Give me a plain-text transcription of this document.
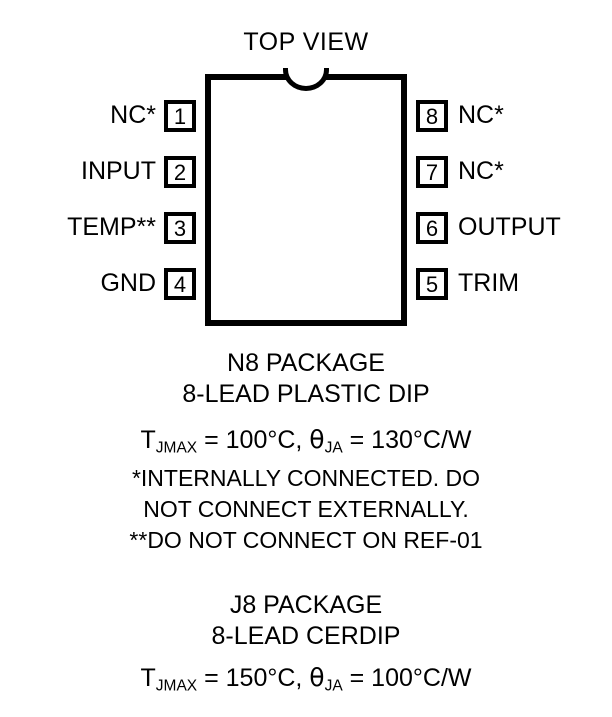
TOP VIEW
NC* 1
INPUT 2
TEMP** 3
GND 4
8 NC*
7 NC*
6 OUTPUT
5 TRIM
N8 PACKAGE
8-LEAD PLASTIC DIP
$T_{JMAX} = 100^\circ C$, $\theta_{JA} = 130^\circ C/W$
*INTERNALLY CONNECTED. DO
NOT CONNECT EXTERNALLY.
**DO NOT CONNECT ON REF-01
J8 PACKAGE
8-LEAD CERDIP
$T_{JMAX} = 150^\circ C$, $\theta_{JA} = 100^\circ C/W$
